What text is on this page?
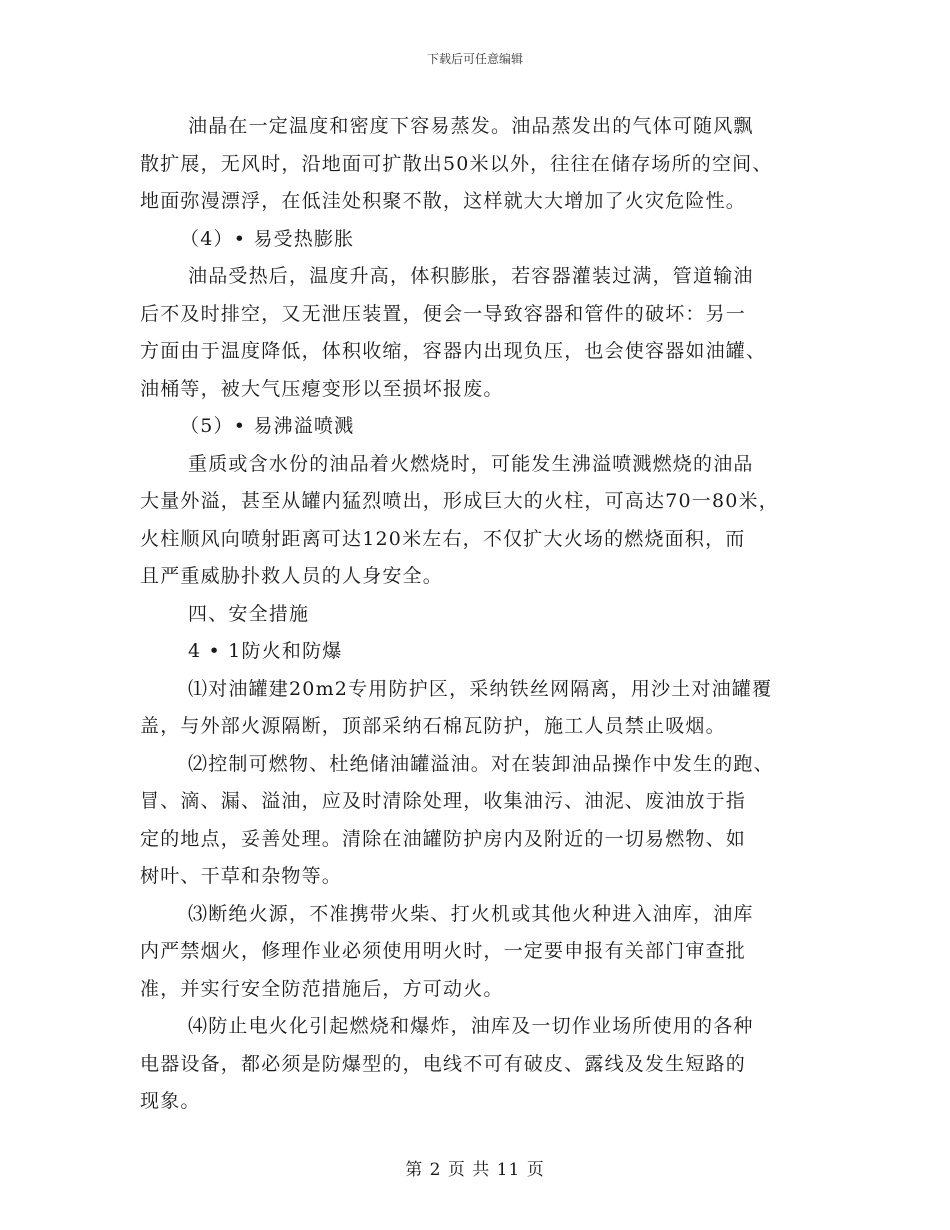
下载后可任意编辑

油晶在一定温度和密度下容易蒸发。油品蒸发出的气体可随风飘
散扩展，无风时，沿地面可扩散出50米以外，往往在储存场所的空间、
地面弥漫漂浮，在低洼处积聚不散，这样就大大增加了火灾危险性。

（4）• 易受热膨胀

油品受热后，温度升高，体积膨胀，若容器灌装过满，管道输油
后不及时排空，又无泄压装置，便会一导致容器和管件的破坏：另一
方面由于温度降低，体积收缩，容器内出现负压，也会使容器如油罐、
油桶等，被大气压瘪变形以至损坏报废。

（5）• 易沸溢喷溅

重质或含水份的油品着火燃烧时，可能发生沸溢喷溅燃烧的油品
大量外溢，甚至从罐内猛烈喷出，形成巨大的火柱，可高达70一80米，
火柱顺风向喷射距离可达120米左右，不仅扩大火场的燃烧面积，而
且严重威胁扑救人员的人身安全。

四、安全措施

4 • 1防火和防爆

⑴对油罐建20m2专用防护区，采纳铁丝网隔离，用沙土对油罐覆
盖，与外部火源隔断，顶部采纳石棉瓦防护，施工人员禁止吸烟。

⑵控制可燃物、杜绝储油罐溢油。对在装卸油品操作中发生的跑、
冒、滴、漏、溢油，应及时清除处理，收集油污、油泥、废油放于指
定的地点，妥善处理。清除在油罐防护房内及附近的一切易燃物、如
树叶、干草和杂物等。

⑶断绝火源，不准携带火柴、打火机或其他火种进入油库，油库
内严禁烟火，修理作业必须使用明火时，一定要申报有关部门审查批
准，并实行安全防范措施后，方可动火。

⑷防止电火化引起燃烧和爆炸，油库及一切作业场所使用的各种
电器设备，都必须是防爆型的，电线不可有破皮、露线及发生短路的
现象。

第 2 页 共 11 页
